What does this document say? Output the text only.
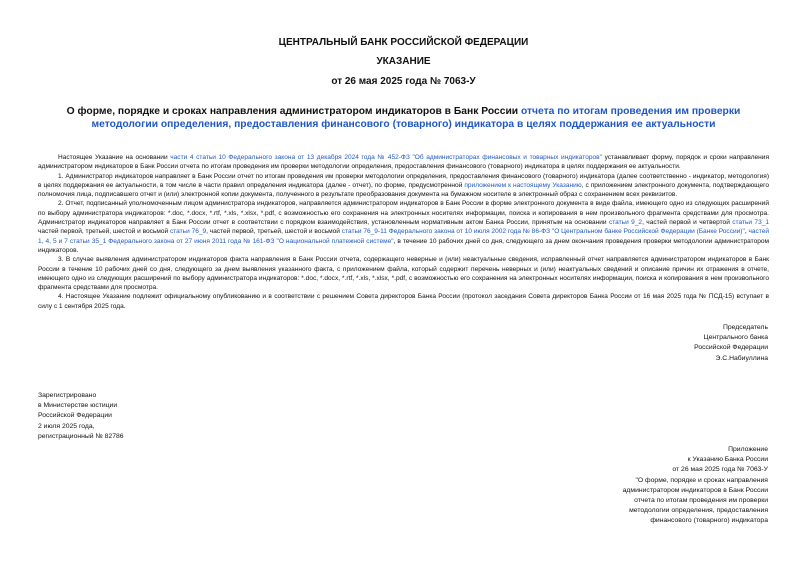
ЦЕНТРАЛЬНЫЙ БАНК РОССИЙСКОЙ ФЕДЕРАЦИИ
УКАЗАНИЕ
от 26 мая 2025 года № 7063-У
О форме, порядке и сроках направления администратором индикаторов в Банк России отчета по итогам проведения им проверки методологии определения, предоставления финансового (товарного) индикатора в целях поддержания ее актуальности

Настоящее Указание на основании части 4 статьи 10 Федерального закона от 13 декабря 2024 года № 452-ФЗ "Об администраторах финансовых и товарных индикаторов" устанавливает форму, порядок и сроки направления администратором индикаторов в Банк России отчета по итогам проведения им проверки методологии определения, предоставления финансового (товарного) индикатора в целях поддержания ее актуальности.

1. Администратор индикаторов направляет в Банк России отчет по итогам проведения им проверки методологии определения, предоставления финансового (товарного) индикатора (далее соответственно - индикатор, методология) в целях поддержания ее актуальности, в том числе в части правил определения индикатора (далее - отчет), по форме, предусмотренной приложением к настоящему Указанию, с приложением электронного документа, подтверждающего полномочия лица, подписавшего отчет и (или) электронной копии документа, полученного в результате преобразования документа на бумажном носителе в электронный образ с сохранением всех реквизитов.

2. Отчет, подписанный уполномоченным лицом администратора индикаторов, направляется администратором индикаторов в Банк России в форме электронного документа в виде файла, имеющего одно из следующих расширений по выбору администратора индикаторов: *.doc, *.docx, *.rtf, *.xls, *.xlsx, *.pdf, с возможностью его сохранения на электронных носителях информации, поиска и копирования в нем произвольного фрагмента средствами для просмотра. Администратор индикаторов направляет в Банк России отчет в соответствии с порядком взаимодействия, установленным нормативным актом Банка России, принятым на основании статьи 9_2, частей первой и четвертой статьи 73_1 частей первой, третьей, шестой и восьмой статьи 76_9, частей первой, третьей, шестой и восьмой статьи 76_9-11 Федерального закона от 10 июля 2002 года № 86-ФЗ "О Центральном банке Российской Федерации (Банке России)", частей 1, 4, 5 и 7 статьи 35_1 Федерального закона от 27 июня 2011 года № 161-ФЗ "О национальной платежной системе", в течение 10 рабочих дней со дня, следующего за днем окончания проведения проверки методологии администратором индикаторов.

3. В случае выявления администратором индикаторов факта направления в Банк России отчета, содержащего неверные и (или) неактуальные сведения, исправленный отчет направляется администратором индикаторов в Банк России в течение 10 рабочих дней со дня, следующего за днем выявления указанного факта, с приложением файла, который содержит перечень неверных и (или) неактуальных сведений и описание причин их отражения в отчете, имеющего одно из следующих расширений по выбору администратора индикаторов: *.doc, *.docx, *.rtf, *.xls, *.xlsx, *.pdf, с возможностью его сохранения на электронных носителях информации, поиска и копирования в нем произвольного фрагмента средствами для просмотра.

4. Настоящее Указание подлежит официальному опубликованию и в соответствии с решением Совета директоров Банка России (протокол заседания Совета директоров Банка России от 16 мая 2025 года № ПСД-15) вступает в силу с 1 сентября 2025 года.

Председатель
Центрального банка
Российской Федерации
Э.С.Набиуллина
Зарегистрировано
в Министерстве юстиции
Российской Федерации
2 июля 2025 года,
регистрационный № 82786
Приложение
к Указанию Банка России
от 26 мая 2025 года № 7063-У
"О форме, порядке и сроках направления
администратором индикаторов в Банк России
отчета по итогам проведения им проверки
методологии определения, предоставления
финансового (товарного) индикатора
